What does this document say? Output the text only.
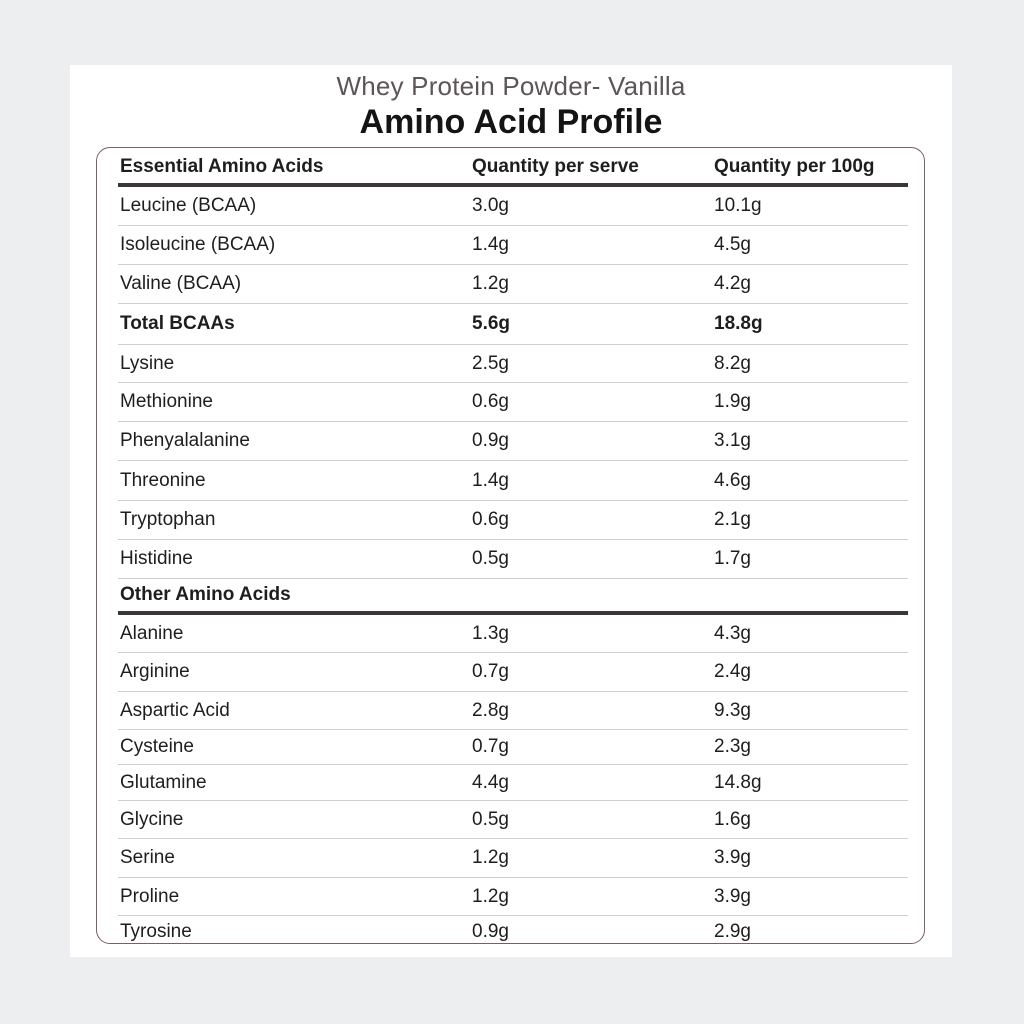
Whey Protein Powder- Vanilla
Amino Acid Profile
Essential Amino Acids	Quantity per serve	Quantity per 100g
Leucine (BCAA)	3.0g	10.1g
Isoleucine (BCAA)	1.4g	4.5g
Valine (BCAA)	1.2g	4.2g
Total BCAAs	5.6g	18.8g
Lysine	2.5g	8.2g
Methionine	0.6g	1.9g
Phenyalalanine	0.9g	3.1g
Threonine	1.4g	4.6g
Tryptophan	0.6g	2.1g
Histidine	0.5g	1.7g
Other Amino Acids
Alanine	1.3g	4.3g
Arginine	0.7g	2.4g
Aspartic Acid	2.8g	9.3g
Cysteine	0.7g	2.3g
Glutamine	4.4g	14.8g
Glycine	0.5g	1.6g
Serine	1.2g	3.9g
Proline	1.2g	3.9g
Tyrosine	0.9g	2.9g
